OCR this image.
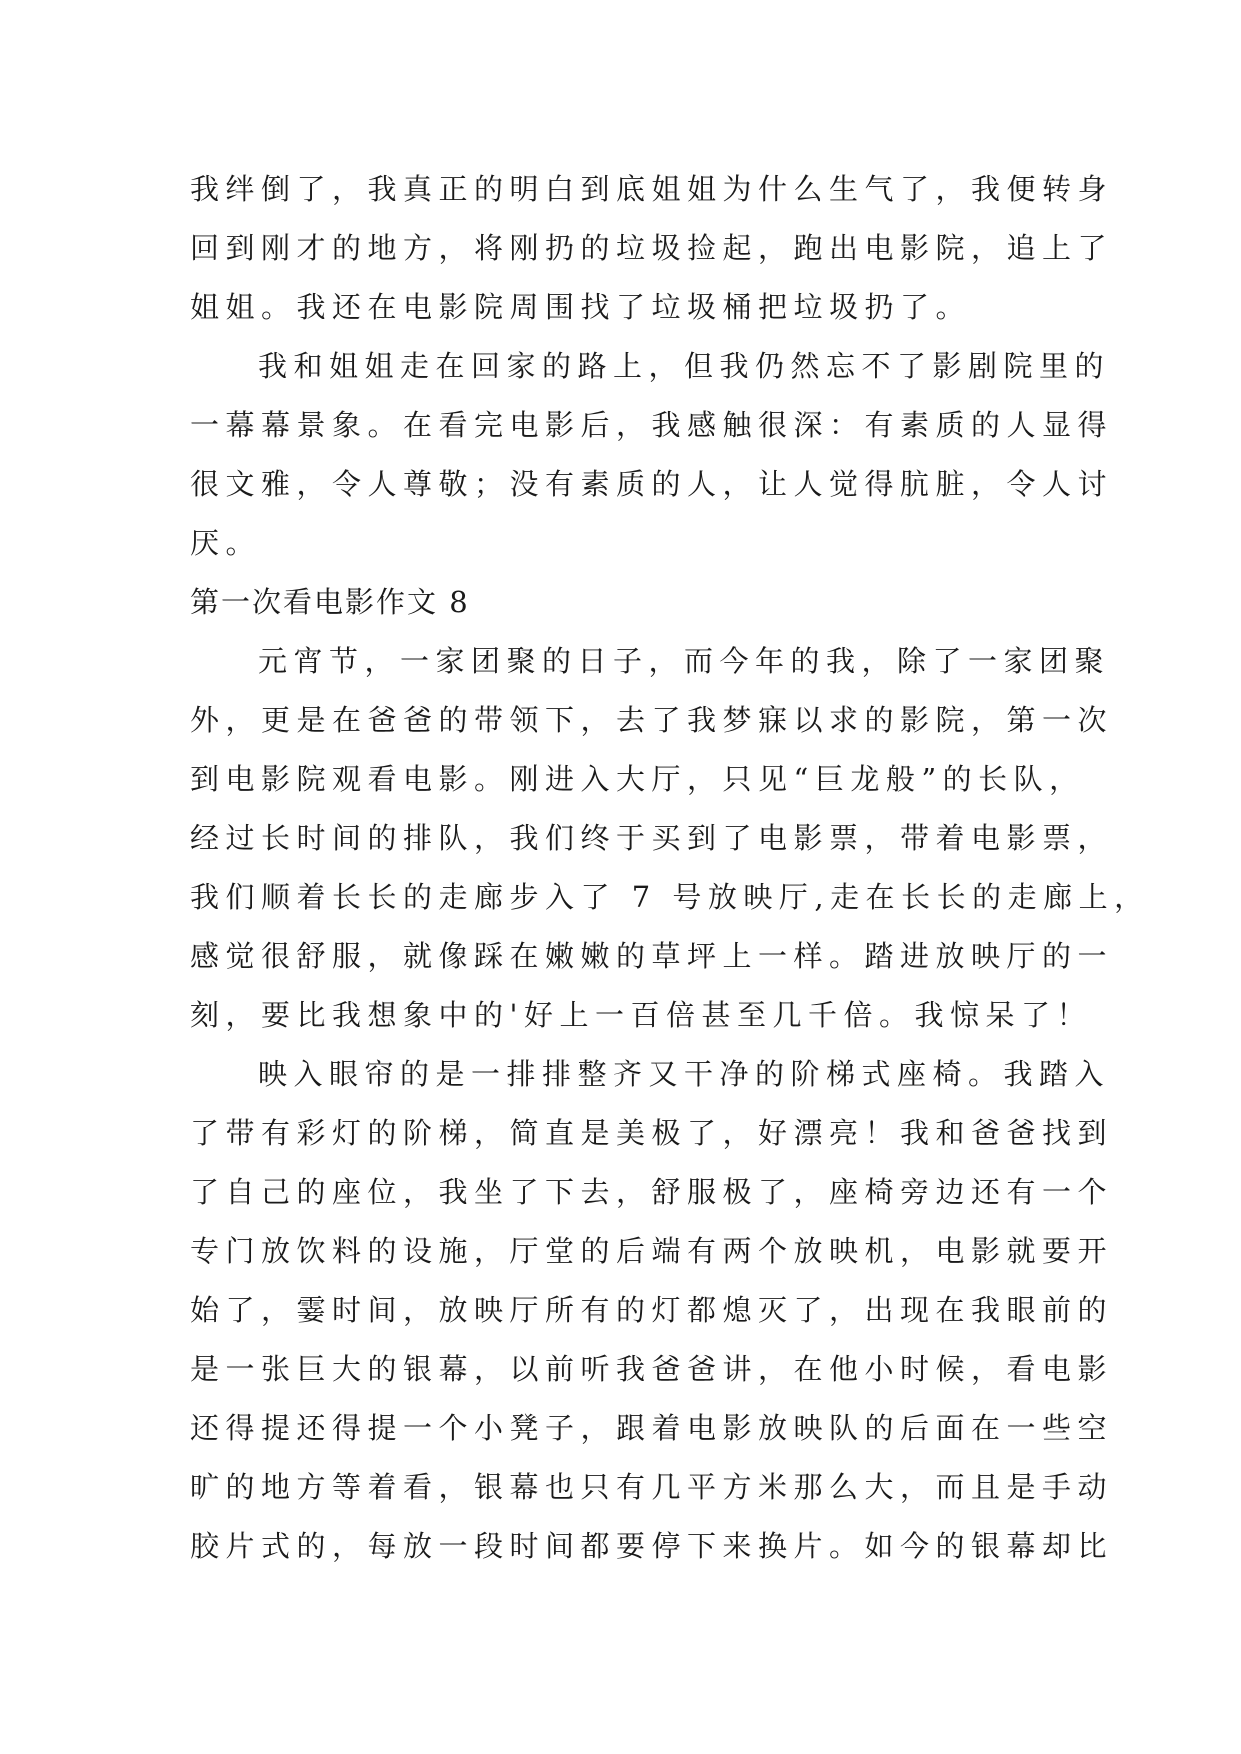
我绊倒了，我真正的明白到底姐姐为什么生气了，我便转身
回到刚才的地方，将刚扔的垃圾捡起，跑出电影院，追上了
姐姐。我还在电影院周围找了垃圾桶把垃圾扔了。
我和姐姐走在回家的路上，但我仍然忘不了影剧院里的
一幕幕景象。在看完电影后，我感触很深：有素质的人显得
很文雅，令人尊敬；没有素质的人，让人觉得肮脏，令人讨
厌。
第一次看电影作文 8
元宵节，一家团聚的日子，而今年的我，除了一家团聚
外，更是在爸爸的带领下，去了我梦寐以求的影院，第一次
到电影院观看电影。刚进入大厅，只见“巨龙般”的长队，
经过长时间的排队，我们终于买到了电影票，带着电影票，
我们顺着长长的走廊步入了 7 号放映厅,走在长长的走廊上，
感觉很舒服，就像踩在嫩嫩的草坪上一样。踏进放映厅的一
刻，要比我想象中的'好上一百倍甚至几千倍。我惊呆了！
映入眼帘的是一排排整齐又干净的阶梯式座椅。我踏入
了带有彩灯的阶梯，简直是美极了，好漂亮！我和爸爸找到
了自己的座位，我坐了下去，舒服极了，座椅旁边还有一个
专门放饮料的设施，厅堂的后端有两个放映机，电影就要开
始了，霎时间，放映厅所有的灯都熄灭了，出现在我眼前的
是一张巨大的银幕，以前听我爸爸讲，在他小时候，看电影
还得提还得提一个小凳子，跟着电影放映队的后面在一些空
旷的地方等着看，银幕也只有几平方米那么大，而且是手动
胶片式的，每放一段时间都要停下来换片。如今的银幕却比
